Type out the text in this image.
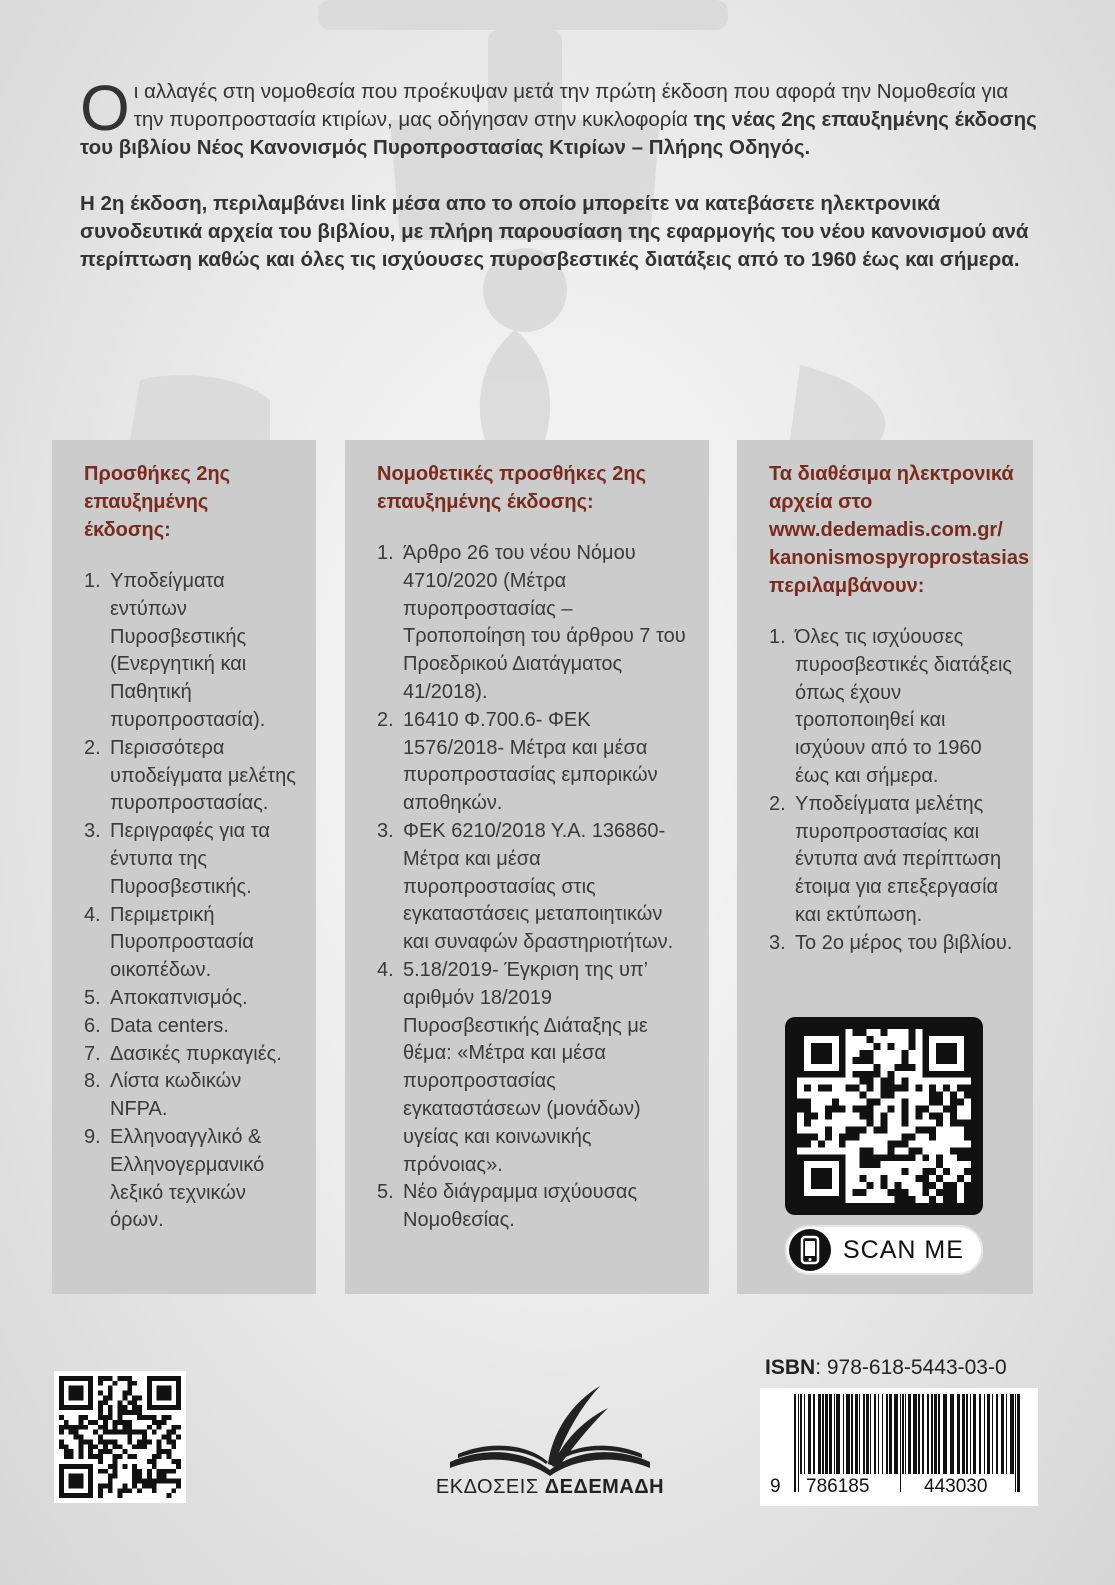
Οι αλλαγές στη νομοθεσία που προέκυψαν μετά την πρώτη έκδοση που αφορά την Νομοθεσία για την πυροπροστασία κτιρίων, μας οδήγησαν στην κυκλοφορία της νέας 2ης επαυξημένης έκδοσης του βιβλίου Νέος Κανονισμός Πυροπροστασίας Κτιρίων – Πλήρης Οδηγός.

Η 2η έκδοση, περιλαμβάνει link μέσα απο το οποίο μπορείτε να κατεβάσετε ηλεκτρονικά συνοδευτικά αρχεία του βιβλίου, με πλήρη παρουσίαση της εφαρμογής του νέου κανονισμού ανά περίπτωση καθώς και όλες τις ισχύουσες πυροσβεστικές διατάξεις από το 1960 έως και σήμερα.

Προσθήκες 2ης επαυξημένης έκδοσης:
Υποδείγματα εντύπων Πυροσβεστικής (Ενεργητική και Παθητική πυροπροστασία).
Περισσότερα υποδείγματα μελέτης πυροπροστασίας.
Περιγραφές για τα έντυπα της Πυροσβεστικής.
Περιμετρική Πυροπροστασία οικοπέδων.
Αποκαπνισμός.
Data centers.
Δασικές πυρκαγιές.
Λίστα κωδικών NFPA.
Ελληνοαγγλικό & Ελληνογερμανικό λεξικό τεχνικών όρων.
Νομοθετικές προσθήκες 2ης επαυξημένης έκδοσης:
Άρθρο 26 του νέου Νόμου 4710/2020 (Μέτρα πυροπροστασίας – Τροποποίηση του άρθρου 7 του Προεδρικού Διατάγματος 41/2018).
16410 Φ.700.6- ΦΕΚ 1576/2018- Μέτρα και μέσα πυροπροστασίας εμπορικών αποθηκών.
ΦΕΚ 6210/2018 Υ.Α. 136860- Μέτρα και μέσα πυροπροστασίας στις εγκαταστάσεις μεταποιητικών και συναφών δραστηριοτήτων.
5.18/2019- Έγκριση της υπ’ αριθμόν 18/2019 Πυροσβεστικής Διάταξης με θέμα: «Μέτρα και μέσα πυροπροστασίας εγκαταστάσεων (μονάδων) υγείας και κοινωνικής πρόνοιας».
Νέο διάγραμμα ισχύουσας Νομοθεσίας.
Τα διαθέσιμα ηλεκτρονικά αρχεία στο www.dedemadis.com.gr/ kanonismospyroprostasias περιλαμβάνουν:
Όλες τις ισχύουσες πυροσβεστικές διατάξεις όπως έχουν τροποποιηθεί και ισχύουν από το 1960 έως και σήμερα.
Υποδείγματα μελέτης πυροπροστασίας και έντυπα ανά περίπτωση έτοιμα για επεξεργασία και εκτύπωση.
Το 2ο μέρος του βιβλίου.
SCAN ME
ΕΚΔΟΣΕΙΣ ΔΕΔΕΜΑΔΗ
ISBN: 978-618-5443-03-0
9 786185	443030
